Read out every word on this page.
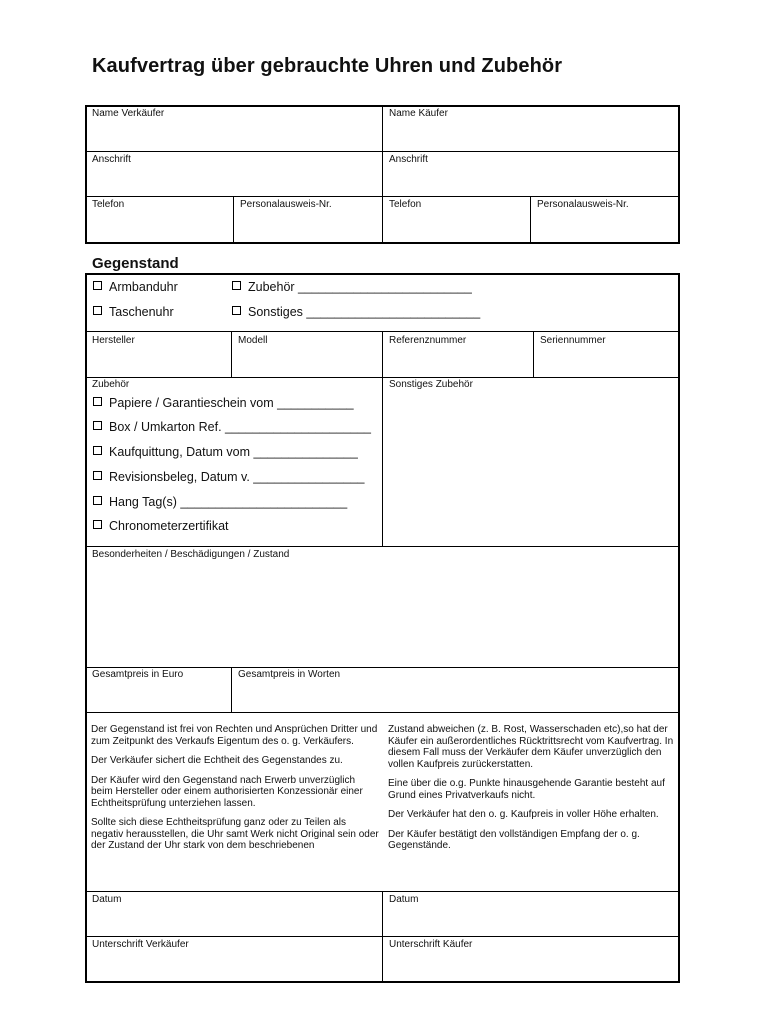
Kaufvertrag über gebrauchte Uhren und Zubehör
Name Verkäufer	Name Käufer
Anschrift	Anschrift
Telefon	Personalausweis-Nr.	Telefon	Personalausweis-Nr.
Gegenstand
Armbanduhr	Zubehör _________________________
Taschenuhr	Sonstiges _________________________
Hersteller	Modell	Referenznummer	Seriennummer
Zubehör	Sonstiges Zubehör
Papiere / Garantieschein vom ___________
Box / Umkarton Ref. _____________________
Kaufquittung, Datum vom _______________
Revisionsbeleg, Datum v. ________________
Hang Tag(s) ________________________
Chronometerzertifikat
Besonderheiten / Beschädigungen / Zustand
Gesamtpreis in Euro	Gesamtpreis in Worten

Der Gegenstand ist frei von Rechten und Ansprüchen Dritter und zum Zeitpunkt des Verkaufs Eigentum des o. g. Verkäufers.

Der Verkäufer sichert die Echtheit des Gegenstandes zu.

Der Käufer wird den Gegenstand nach Erwerb unverzüglich beim Hersteller oder einem authorisierten Konzessionär einer Echtheitsprüfung unterziehen lassen.

Sollte sich diese Echtheitsprüfung ganz oder zu Teilen als negativ herausstellen, die Uhr samt Werk nicht Original sein oder der Zustand der Uhr stark von dem beschriebenen

Zustand abweichen (z. B. Rost, Wasserschaden etc),so hat der Käufer ein außerordentliches Rücktrittsrecht vom Kaufvertrag. In diesem Fall muss der Verkäufer dem Käufer unverzüglich den vollen Kaufpreis zurückerstatten.

Eine über die o.g. Punkte hinausgehende Garantie besteht auf Grund eines Privatverkaufs nicht.

Der Verkäufer hat den o. g. Kaufpreis in voller Höhe erhalten.

Der Käufer bestätigt den vollständigen Empfang der o. g. Gegenstände.

Datum	Datum
Unterschrift Verkäufer	Unterschrift Käufer
